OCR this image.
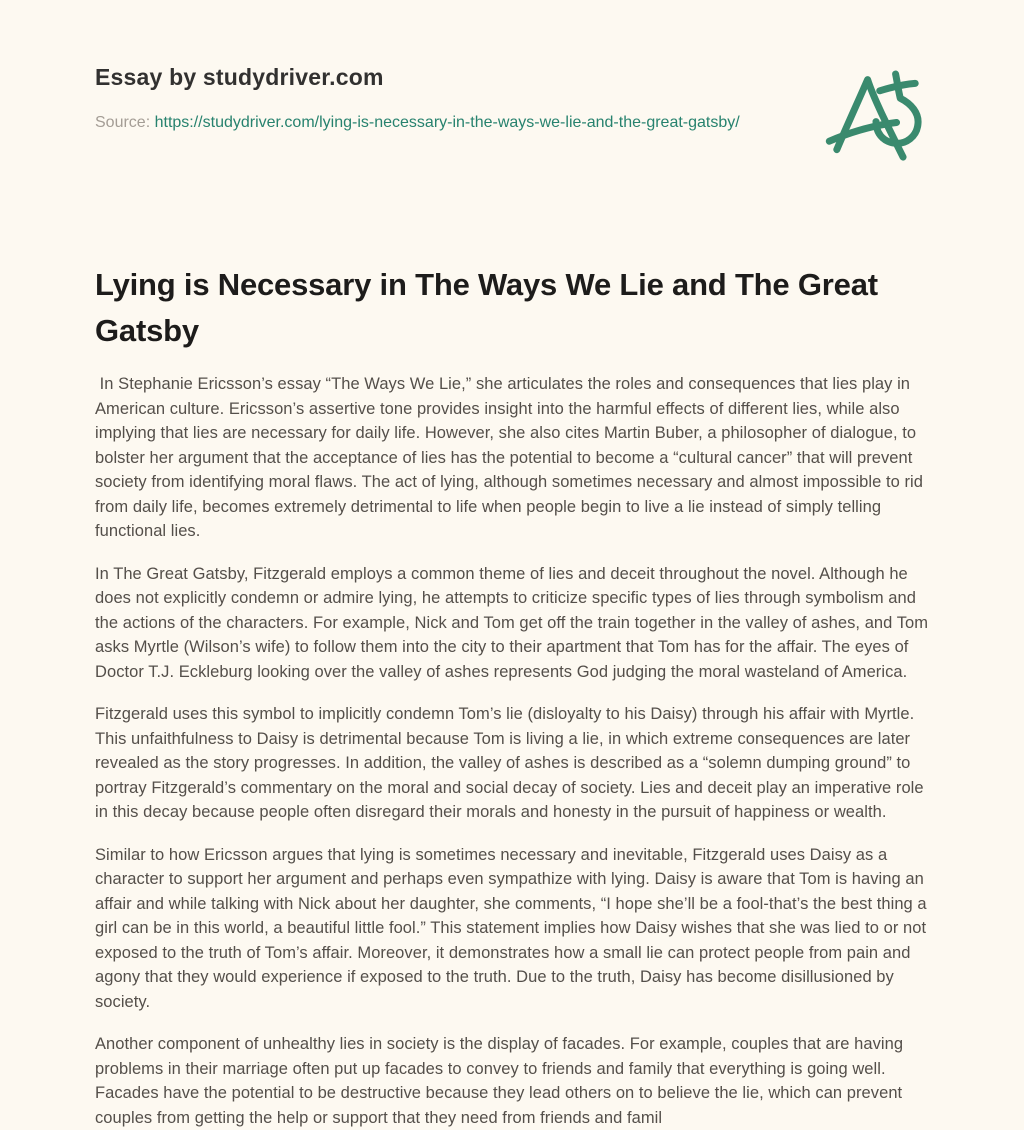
Essay by studydriver.com
Source: https://studydriver.com/lying-is-necessary-in-the-ways-we-lie-and-the-great-gatsby/
Lying is Necessary in The Ways We Lie and The Great Gatsby

In Stephanie Ericsson’s essay “The Ways We Lie,” she articulates the roles and consequences that lies play in American culture. Ericsson’s assertive tone provides insight into the harmful effects of different lies, while also implying that lies are necessary for daily life. However, she also cites Martin Buber, a philosopher of dialogue, to bolster her argument that the acceptance of lies has the potential to become a “cultural cancer” that will prevent society from identifying moral flaws. The act of lying, although sometimes necessary and almost impossible to rid from daily life, becomes extremely detrimental to life when people begin to live a lie instead of simply telling functional lies.

In The Great Gatsby, Fitzgerald employs a common theme of lies and deceit throughout the novel. Although he does not explicitly condemn or admire lying, he attempts to criticize specific types of lies through symbolism and the actions of the characters. For example, Nick and Tom get off the train together in the valley of ashes, and Tom asks Myrtle (Wilson’s wife) to follow them into the city to their apartment that Tom has for the affair. The eyes of Doctor T.J. Eckleburg looking over the valley of ashes represents God judging the moral wasteland of America.

Fitzgerald uses this symbol to implicitly condemn Tom’s lie (disloyalty to his Daisy) through his affair with Myrtle. This unfaithfulness to Daisy is detrimental because Tom is living a lie, in which extreme consequences are later revealed as the story progresses. In addition, the valley of ashes is described as a “solemn dumping ground” to portray Fitzgerald’s commentary on the moral and social decay of society. Lies and deceit play an imperative role in this decay because people often disregard their morals and honesty in the pursuit of happiness or wealth.

Similar to how Ericsson argues that lying is sometimes necessary and inevitable, Fitzgerald uses Daisy as a character to support her argument and perhaps even sympathize with lying. Daisy is aware that Tom is having an affair and while talking with Nick about her daughter, she comments, “I hope she’ll be a fool-that’s the best thing a girl can be in this world, a beautiful little fool.” This statement implies how Daisy wishes that she was lied to or not exposed to the truth of Tom’s affair. Moreover, it demonstrates how a small lie can protect people from pain and agony that they would experience if exposed to the truth. Due to the truth, Daisy has become disillusioned by society.

Another component of unhealthy lies in society is the display of facades. For example, couples that are having problems in their marriage often put up facades to convey to friends and family that everything is going well. Facades have the potential to be destructive because they lead others on to believe the lie, which can prevent couples from getting the help or support that they need from friends and famil
